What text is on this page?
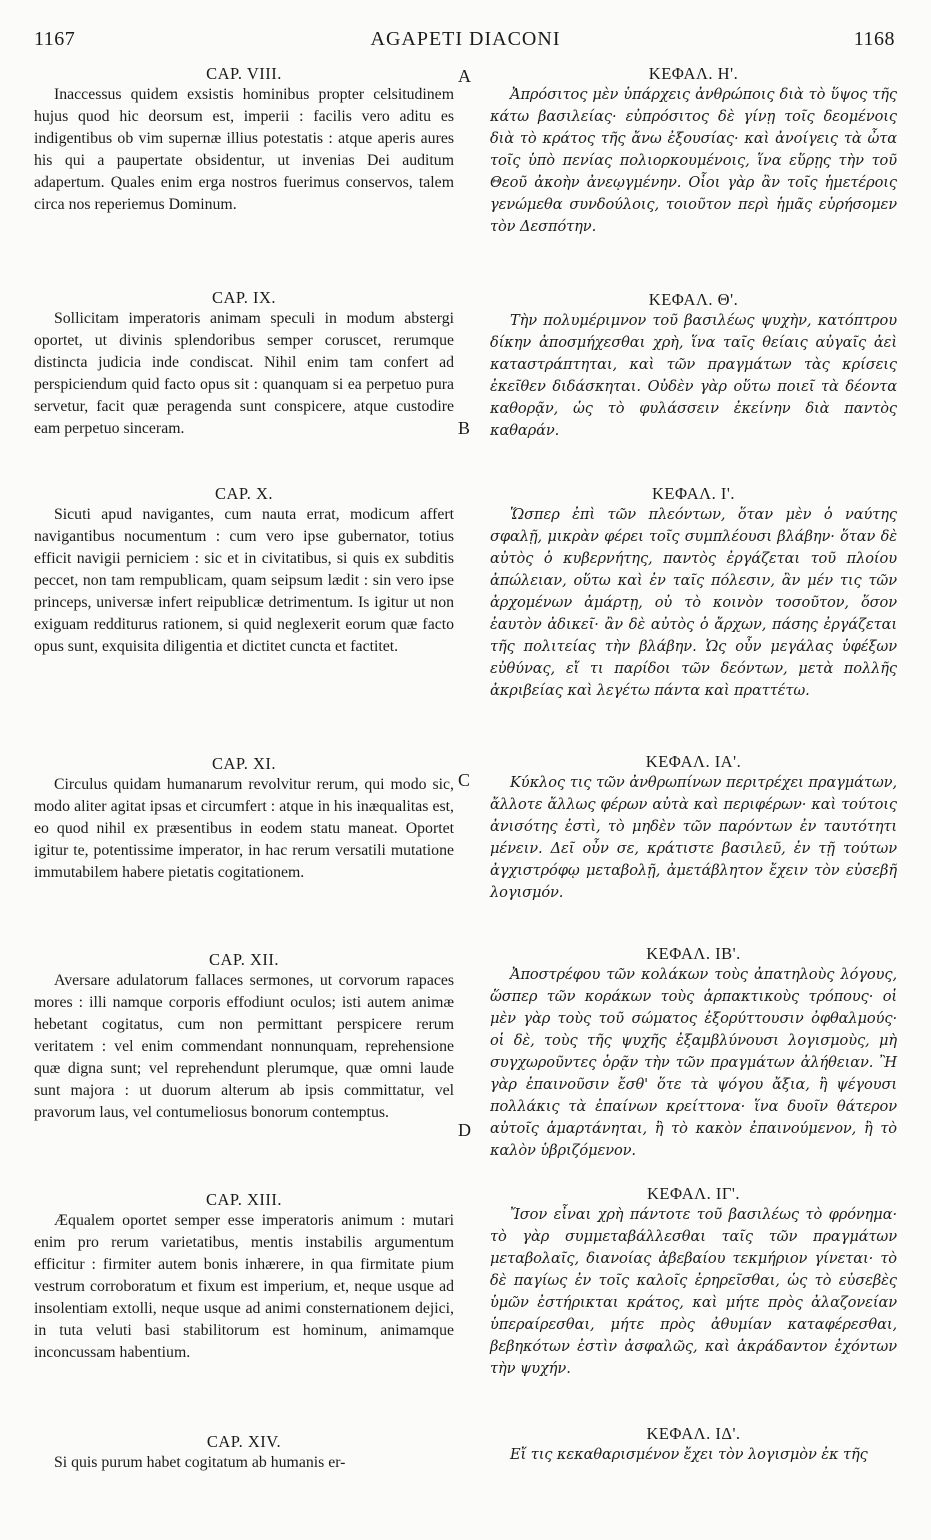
1167	AGAPETI DIACONI	1168
A
B
C
D
CAP. VIII.

Inaccessus quidem exsistis hominibus propter celsitudinem hujus quod hic deorsum est, imperii : facilis vero aditu es indigentibus ob vim supernæ illius potestatis : atque aperis aures his qui a paupertate obsidentur, ut invenias Dei auditum adapertum. Quales enim erga nostros fuerimus conservos, talem circa nos reperiemus Dominum.

CAP. IX.

Sollicitam imperatoris animam speculi in modum abstergi oportet, ut divinis splendoribus semper coruscet, rerumque distincta judicia inde condiscat. Nihil enim tam confert ad perspiciendum quid facto opus sit : quanquam si ea perpetuo pura servetur, facit quæ peragenda sunt conspicere, atque custodire eam perpetuo sinceram.

CAP. X.

Sicuti apud navigantes, cum nauta errat, modicum affert navigantibus nocumentum : cum vero ipse gubernator, totius efficit navigii perniciem : sic et in civitatibus, si quis ex subditis peccet, non tam rempublicam, quam seipsum lædit : sin vero ipse princeps, universæ infert reipublicæ detrimentum. Is igitur ut non exiguam redditurus rationem, si quid neglexerit eorum quæ facto opus sunt, exquisita diligentia et dictitet cuncta et factitet.

CAP. XI.

Circulus quidam humanarum revolvitur rerum, qui modo sic, modo aliter agitat ipsas et circumfert : atque in his inæqualitas est, eo quod nihil ex præsentibus in eodem statu maneat. Oportet igitur te, potentissime imperator, in hac rerum versatili mutatione immutabilem habere pietatis cogitationem.

CAP. XII.

Aversare adulatorum fallaces sermones, ut corvorum rapaces mores : illi namque corporis effodiunt oculos; isti autem animæ hebetant cogitatus, cum non permittant perspicere rerum veritatem : vel enim commendant nonnunquam, reprehensione quæ digna sunt; vel reprehendunt plerumque, quæ omni laude sunt majora : ut duorum alterum ab ipsis committatur, vel pravorum laus, vel contumeliosus bonorum contemptus.

CAP. XIII.

Æqualem oportet semper esse imperatoris animum : mutari enim pro rerum varietatibus, mentis instabilis argumentum efficitur : firmiter autem bonis inhærere, in qua firmitate pium vestrum corroboratum et fixum est imperium, et, neque usque ad insolentiam extolli, neque usque ad animi consternationem dejici, in tuta veluti basi stabilitorum est hominum, animamque inconcussam habentium.

CAP. XIV.

Si quis purum habet cogitatum ab humanis er-

ΚΕΦΑΛ. Η'.

Ἀπρόσιτος μὲν ὑπάρχεις ἀνθρώποις διὰ τὸ ὕψος τῆς κάτω βασιλείας· εὐπρόσιτος δὲ γίνῃ τοῖς δεομένοις διὰ τὸ κράτος τῆς ἄνω ἐξουσίας· καὶ ἀνοίγεις τὰ ὦτα τοῖς ὑπὸ πενίας πολιορκουμένοις, ἵνα εὕρῃς τὴν τοῦ Θεοῦ ἀκοὴν ἀνεῳγμένην. Οἷοι γὰρ ἂν τοῖς ἡμετέροις γενώμεθα συνδούλοις, τοιοῦτον περὶ ἡμᾶς εὑρήσομεν τὸν Δεσπότην.

ΚΕΦΑΛ. Θ'.

Τὴν πολυμέριμνον τοῦ βασιλέως ψυχὴν, κατόπτρου δίκην ἀποσμήχεσθαι χρὴ, ἵνα ταῖς θείαις αὐγαῖς ἀεὶ καταστράπτηται, καὶ τῶν πραγμάτων τὰς κρίσεις ἐκεῖθεν διδάσκηται. Οὐδὲν γὰρ οὕτω ποιεῖ τὰ δέοντα καθορᾷν, ὡς τὸ φυλάσσειν ἐκείνην διὰ παντὸς καθαράν.

ΚΕΦΑΛ. Ι'.

Ὥσπερ ἐπὶ τῶν πλεόντων, ὅταν μὲν ὁ ναύτης σφαλῇ, μικρὰν φέρει τοῖς συμπλέουσι βλάβην· ὅταν δὲ αὐτὸς ὁ κυβερνήτης, παντὸς ἐργάζεται τοῦ πλοίου ἀπώλειαν, οὕτω καὶ ἐν ταῖς πόλεσιν, ἂν μέν τις τῶν ἀρχομένων ἁμάρτῃ, οὐ τὸ κοινὸν τοσοῦτον, ὅσον ἑαυτὸν ἀδικεῖ· ἂν δὲ αὐτὸς ὁ ἄρχων, πάσης ἐργάζεται τῆς πολιτείας τὴν βλάβην. Ὡς οὖν μεγάλας ὑφέξων εὐθύνας, εἴ τι παρίδοι τῶν δεόντων, μετὰ πολλῆς ἀκριβείας καὶ λεγέτω πάντα καὶ πραττέτω.

ΚΕΦΑΛ. ΙΑ'.

Κύκλος τις τῶν ἀνθρωπίνων περιτρέχει πραγμάτων, ἄλλοτε ἄλλως φέρων αὐτὰ καὶ περιφέρων· καὶ τούτοις ἀνισότης ἐστὶ, τὸ μηδὲν τῶν παρόντων ἐν ταυτότητι μένειν. Δεῖ οὖν σε, κράτιστε βασιλεῦ, ἐν τῇ τούτων ἀγχιστρόφῳ μεταβολῇ, ἀμετάβλητον ἔχειν τὸν εὐσεβῆ λογισμόν.

ΚΕΦΑΛ. ΙΒ'.

Ἀποστρέφου τῶν κολάκων τοὺς ἀπατηλοὺς λόγους, ὥσπερ τῶν κοράκων τοὺς ἁρπακτικοὺς τρόπους· οἱ μὲν γὰρ τοὺς τοῦ σώματος ἐξορύττουσιν ὀφθαλμούς· οἱ δὲ, τοὺς τῆς ψυχῆς ἐξαμβλύνουσι λογισμοὺς, μὴ συγχωροῦντες ὁρᾷν τὴν τῶν πραγμάτων ἀλήθειαν. Ἢ γὰρ ἐπαινοῦσιν ἔσθ' ὅτε τὰ ψόγου ἄξια, ἢ ψέγουσι πολλάκις τὰ ἐπαίνων κρείττονα· ἵνα δυοῖν θάτερον αὐτοῖς ἁμαρτάνηται, ἢ τὸ κακὸν ἐπαινούμενον, ἢ τὸ καλὸν ὑβριζόμενον.

ΚΕΦΑΛ. ΙΓ'.

Ἴσον εἶναι χρὴ πάντοτε τοῦ βασιλέως τὸ φρόνημα· τὸ γὰρ συμμεταβάλλεσθαι ταῖς τῶν πραγμάτων μεταβολαῖς, διανοίας ἀβεβαίου τεκμήριον γίνεται· τὸ δὲ παγίως ἐν τοῖς καλοῖς ἐρηρεῖσθαι, ὡς τὸ εὐσεβὲς ὑμῶν ἐστήρικται κράτος, καὶ μήτε πρὸς ἀλαζονείαν ὑπεραίρεσθαι, μήτε πρὸς ἀθυμίαν καταφέρεσθαι, βεβηκότων ἐστὶν ἀσφαλῶς, καὶ ἀκράδαντον ἐχόντων τὴν ψυχήν.

ΚΕΦΑΛ. ΙΔ'.

Εἴ τις κεκαθαρισμένον ἔχει τὸν λογισμὸν ἐκ τῆς
